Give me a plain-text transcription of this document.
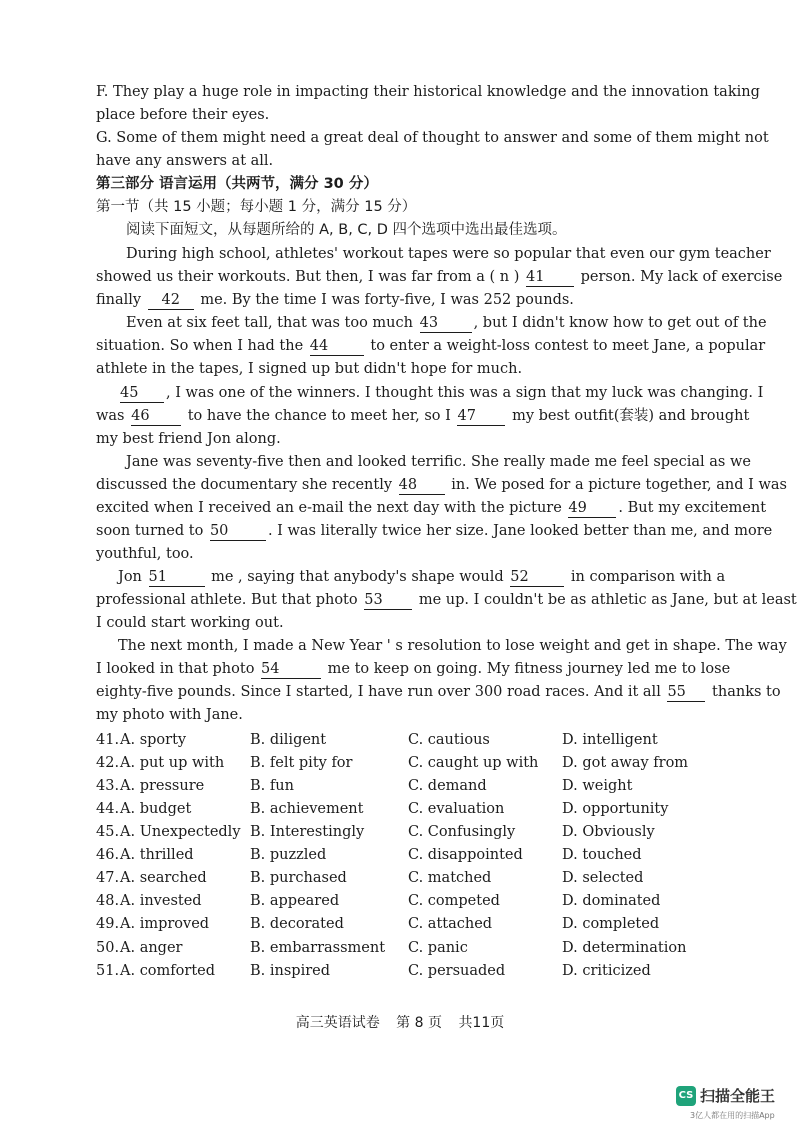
F. They play a huge role in impacting their historical knowledge and the innovation taking
place before their eyes.
G. Some of them might need a great deal of thought to answer and some of them might not
have any answers at all.
第三部分 语言运用（共两节，满分 30 分）
第一节（共 15 小题；每小题 1 分，满分 15 分）
阅读下面短文，从每题所给的 A, B, C, D 四个选项中选出最佳选项。
During high school, athletes' workout tapes were so popular that even our gym teacher
showed us their workouts. But then, I was far from a ( n ) 41 person. My lack of exercise
finally 42 me. By the time I was forty-five, I was 252 pounds.
Even at six feet tall, that was too much 43 , but I didn't know how to get out of the
situation. So when I had the 44	to enter a weight-loss contest to meet Jane, a popular
athlete in the tapes, I signed up but didn't hope for much.
45 , I was one of the winners. I thought this was a sign that my luck was changing. I
was 46	to have the chance to meet her, so I 47 my best outfit(套装) and brought
my best friend Jon along.
Jane was seventy-five then and looked terrific. She really made me feel special as we
discussed the documentary she recently 48 in. We posed for a picture together, and I was
excited when I received an e-mail the next day with the picture 49 . But my excitement
soon turned to 50	. I was literally twice her size. Jane looked better than me, and more
youthful, too.
Jon 51	me , saying that anybody's shape would 52	in comparison with a
professional athlete. But that photo 53 me up. I couldn't be as athletic as Jane, but at least
I could start working out.
The next month, I made a New Year ' s resolution to lose weight and get in shape. The way
I looked in that photo 54	me to keep on going. My fitness journey led me to lose
eighty-five pounds. Since I started, I have run over 300 road races. And it all 55 thanks to
my photo with Jane.
41. A. sporty	B. diligent	C. cautious	D. intelligent
42. A. put up with B. felt pity for	C. caught up with D. got away from
43. A. pressure	B. fun	C. demand	D. weight
44. A. budget	B. achievement	C. evaluation	D. opportunity
45. A. Unexpectedly B. Interestingly	C. Confusingly	D. Obviously
46. A. thrilled	B. puzzled	C. disappointed	D. touched
47. A. searched	B. purchased	C. matched	D. selected
48. A. invested	B. appeared	C. competed	D. dominated
49. A. improved	B. decorated	C. attached	D. completed
50. A. anger	B. embarrassment C. panic	D. determination
51. A. comforted B. inspired	C. persuaded	D. criticized
高三英语试卷 第 8 页 共11页
CS 扫描全能王
3亿人都在用的扫描App
